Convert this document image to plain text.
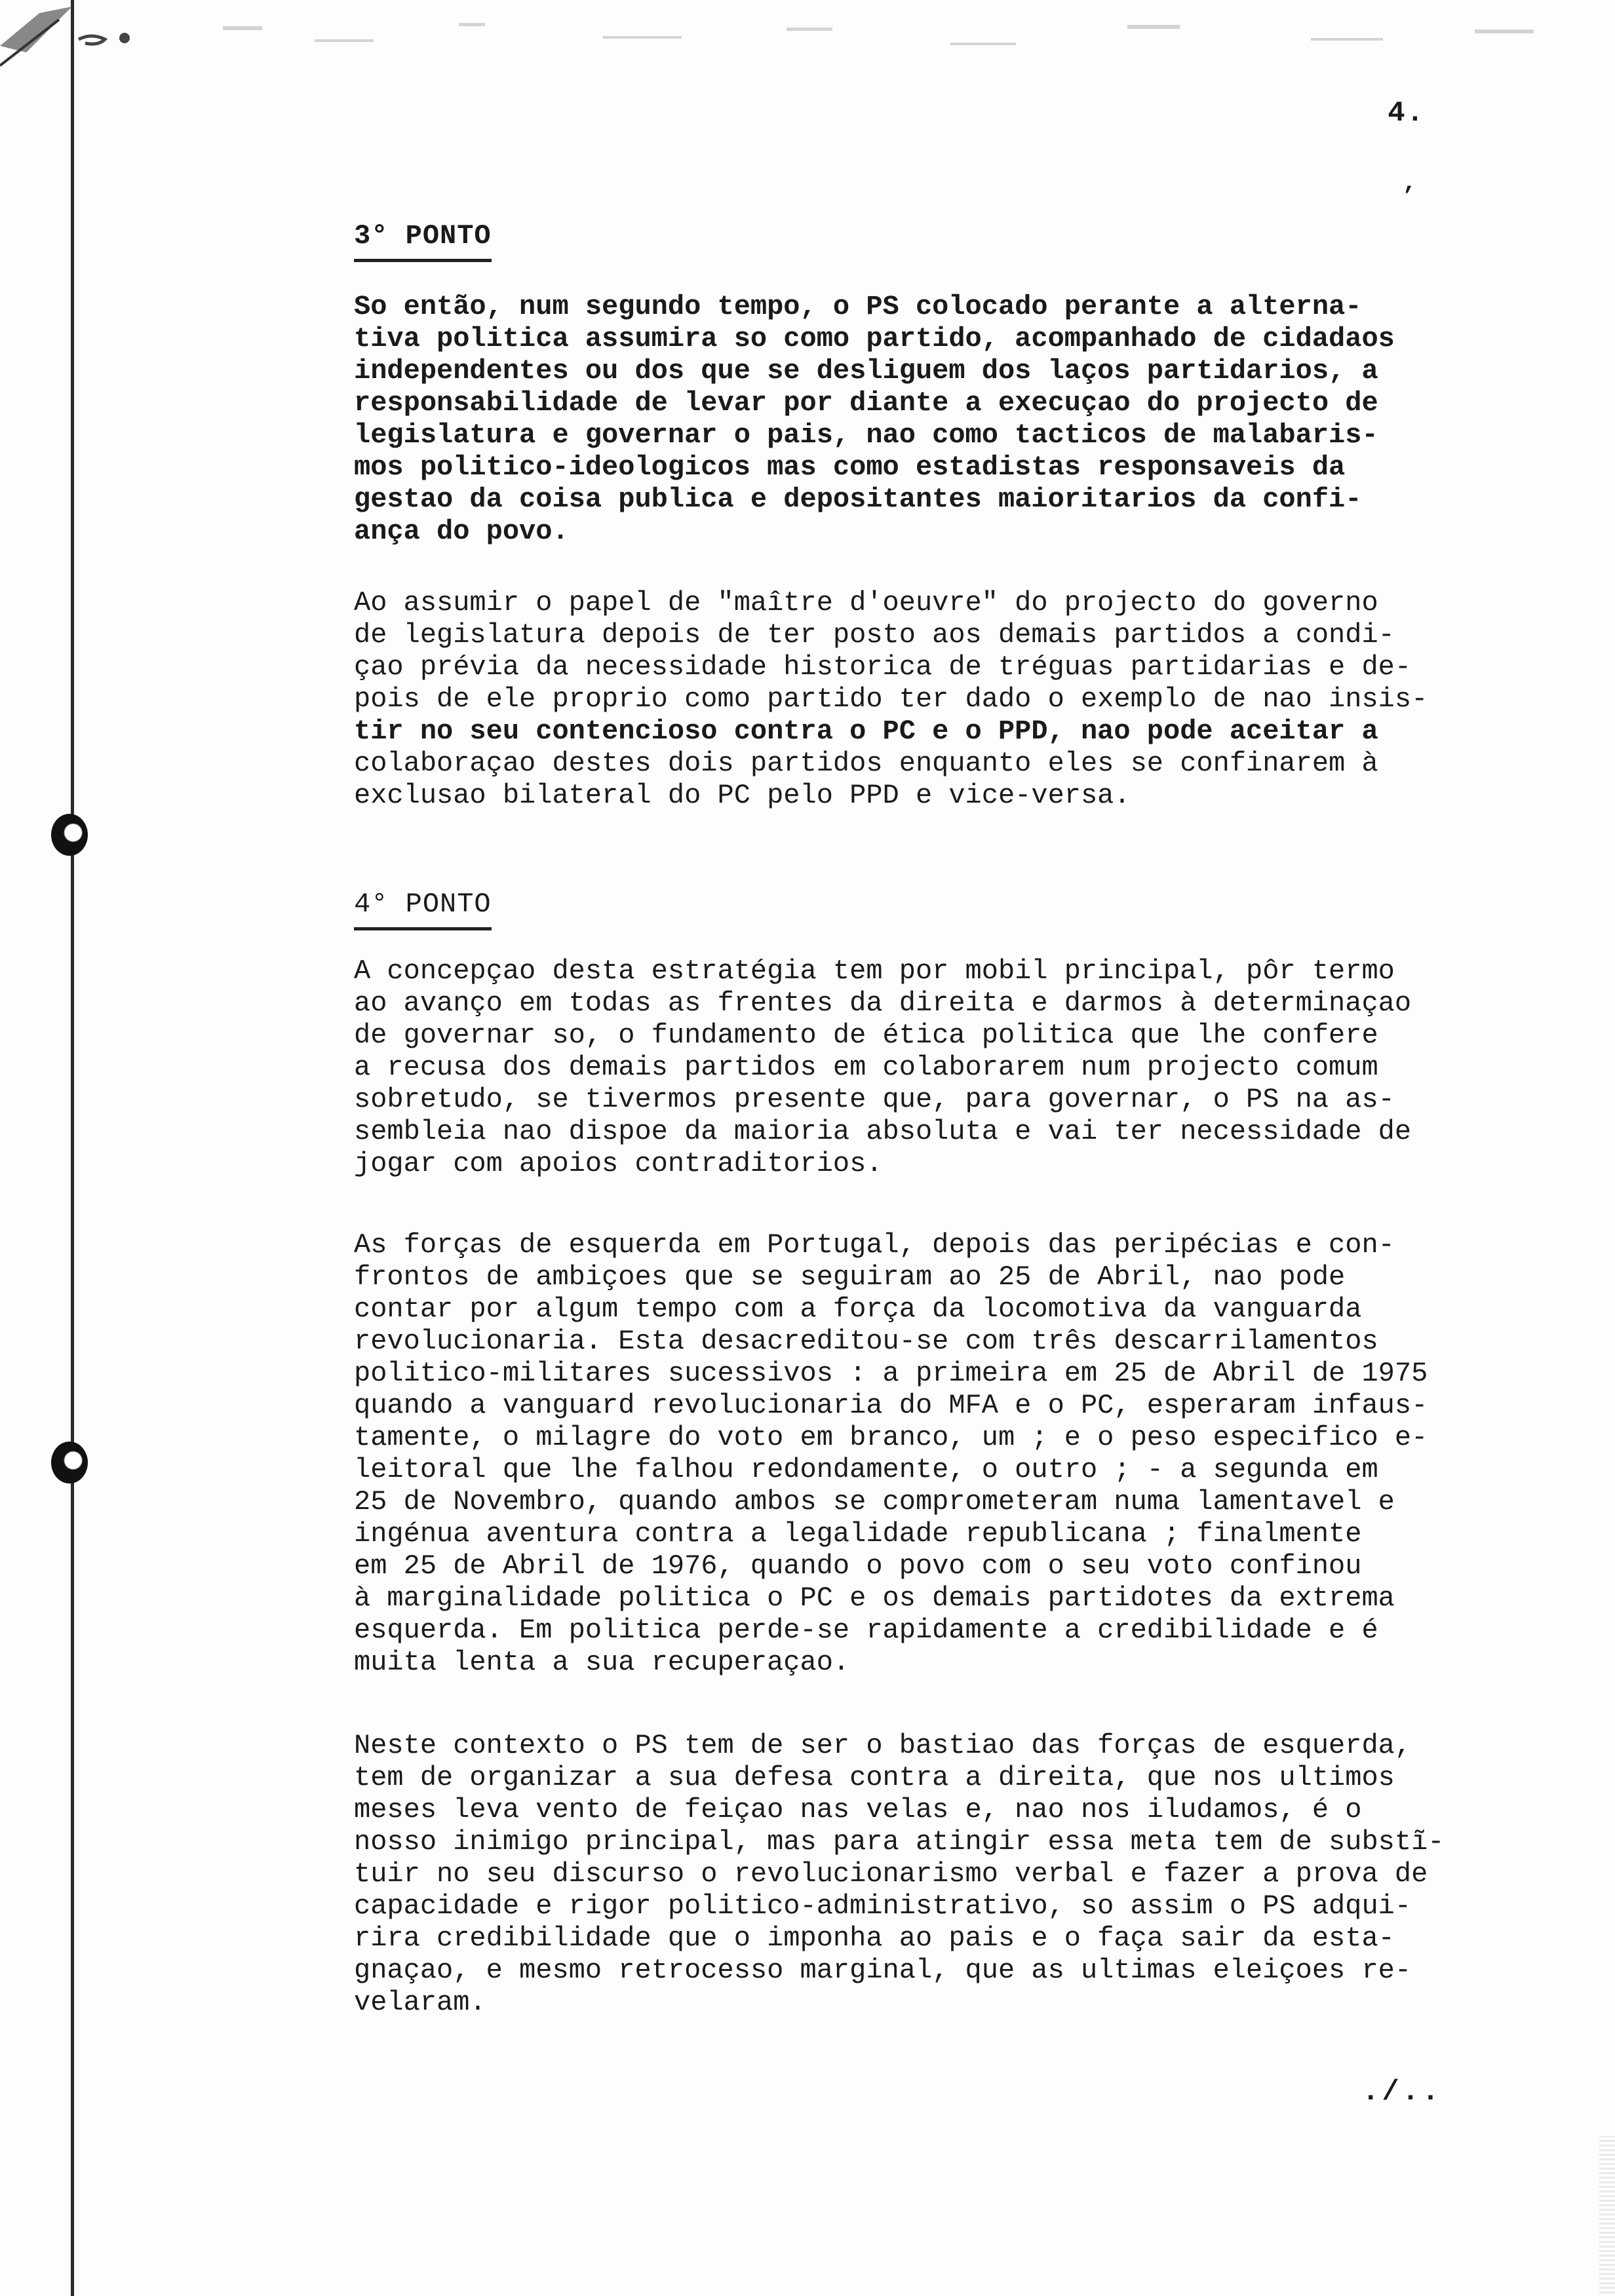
4.
’
3° PONTO
So então, num segundo tempo, o PS colocado perante a alterna-
tiva politica assumira so como partido, acompanhado de cidadaos
independentes ou dos que se desliguem dos laços partidarios, a
responsabilidade de levar por diante a execuçao do projecto de
legislatura e governar o pais, nao como tacticos de malabaris-
mos politico-ideologicos mas como estadistas responsaveis da
gestao da coisa publica e depositantes maioritarios da confi-
ança do povo.
Ao assumir o papel de "maître d'oeuvre" do projecto do governo
de legislatura depois de ter posto aos demais partidos a condi-
çao prévia da necessidade historica de tréguas partidarias e de-
pois de ele proprio como partido ter dado o exemplo de nao insis-
tir no seu contencioso contra o PC e o PPD, nao pode aceitar a
colaboraçao destes dois partidos enquanto eles se confinarem à
exclusao bilateral do PC pelo PPD e vice-versa.
4° PONTO
A concepçao desta estratégia tem por mobil principal, pôr termo
ao avanço em todas as frentes da direita e darmos à determinaçao
de governar so, o fundamento de ética politica que lhe confere
a recusa dos demais partidos em colaborarem num projecto comum
sobretudo, se tivermos presente que, para governar, o PS na as-
sembleia nao dispoe da maioria absoluta e vai ter necessidade de
jogar com apoios contraditorios.
As forças de esquerda em Portugal, depois das peripécias e con-
frontos de ambiçoes que se seguiram ao 25 de Abril, nao pode
contar por algum tempo com a força da locomotiva da vanguarda
revolucionaria. Esta desacreditou-se com três descarrilamentos
politico-militares sucessivos : a primeira em 25 de Abril de 1975
quando a vanguard revolucionaria do MFA e o PC, esperaram infaus-
tamente, o milagre do voto em branco, um ; e o peso especifico e-
leitoral que lhe falhou redondamente, o outro ; - a segunda em
25 de Novembro, quando ambos se comprometeram numa lamentavel e
ingénua aventura contra a legalidade republicana ; finalmente
em 25 de Abril de 1976, quando o povo com o seu voto confinou
à marginalidade politica o PC e os demais partidotes da extrema
esquerda. Em politica perde-se rapidamente a credibilidade e é
muita lenta a sua recuperaçao.
Neste contexto o PS tem de ser o bastiao das forças de esquerda,
tem de organizar a sua defesa contra a direita, que nos ultimos
meses leva vento de feiçao nas velas e, nao nos iludamos, é o
nosso inimigo principal, mas para atingir essa meta tem de substĩ-
tuir no seu discurso o revolucionarismo verbal e fazer a prova de
capacidade e rigor politico-administrativo, so assim o PS adqui-
rira credibilidade que o imponha ao pais e o faça sair da esta-
gnaçao, e mesmo retrocesso marginal, que as ultimas eleiçoes re-
velaram.
./..
